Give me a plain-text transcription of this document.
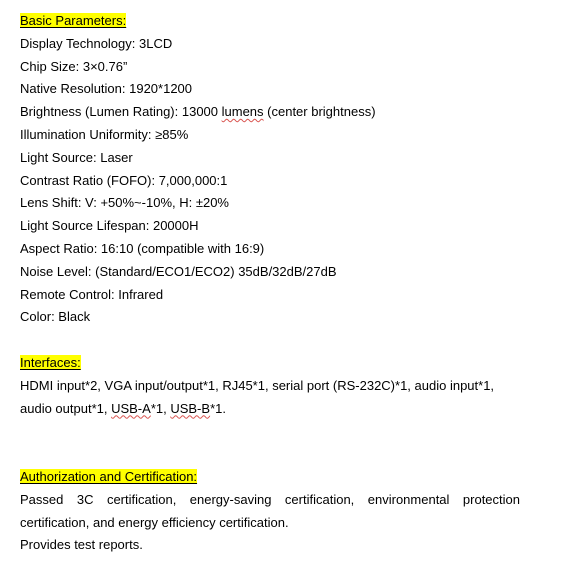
Basic Parameters:
Display Technology: 3LCD
Chip Size: 3×0.76”
Native Resolution: 1920*1200
Brightness (Lumen Rating): 13000 lumens (center brightness)
Illumination Uniformity: ≥85%
Light Source: Laser
Contrast Ratio (FOFO): 7,000,000:1
Lens Shift: V: +50%~-10%, H: ±20%
Light Source Lifespan: 20000H
Aspect Ratio: 16:10 (compatible with 16:9)
Noise Level: (Standard/ECO1/ECO2) 35dB/32dB/27dB
Remote Control: Infrared
Color: Black
Interfaces:
HDMI input*2, VGA input/output*1, RJ45*1, serial port (RS-232C)*1, audio input*1,
audio output*1, USB-A*1, USB-B*1.
Authorization and Certification:
Passed 3C certification, energy-saving certification, environmental protection
certification, and energy efficiency certification.
Provides test reports.
